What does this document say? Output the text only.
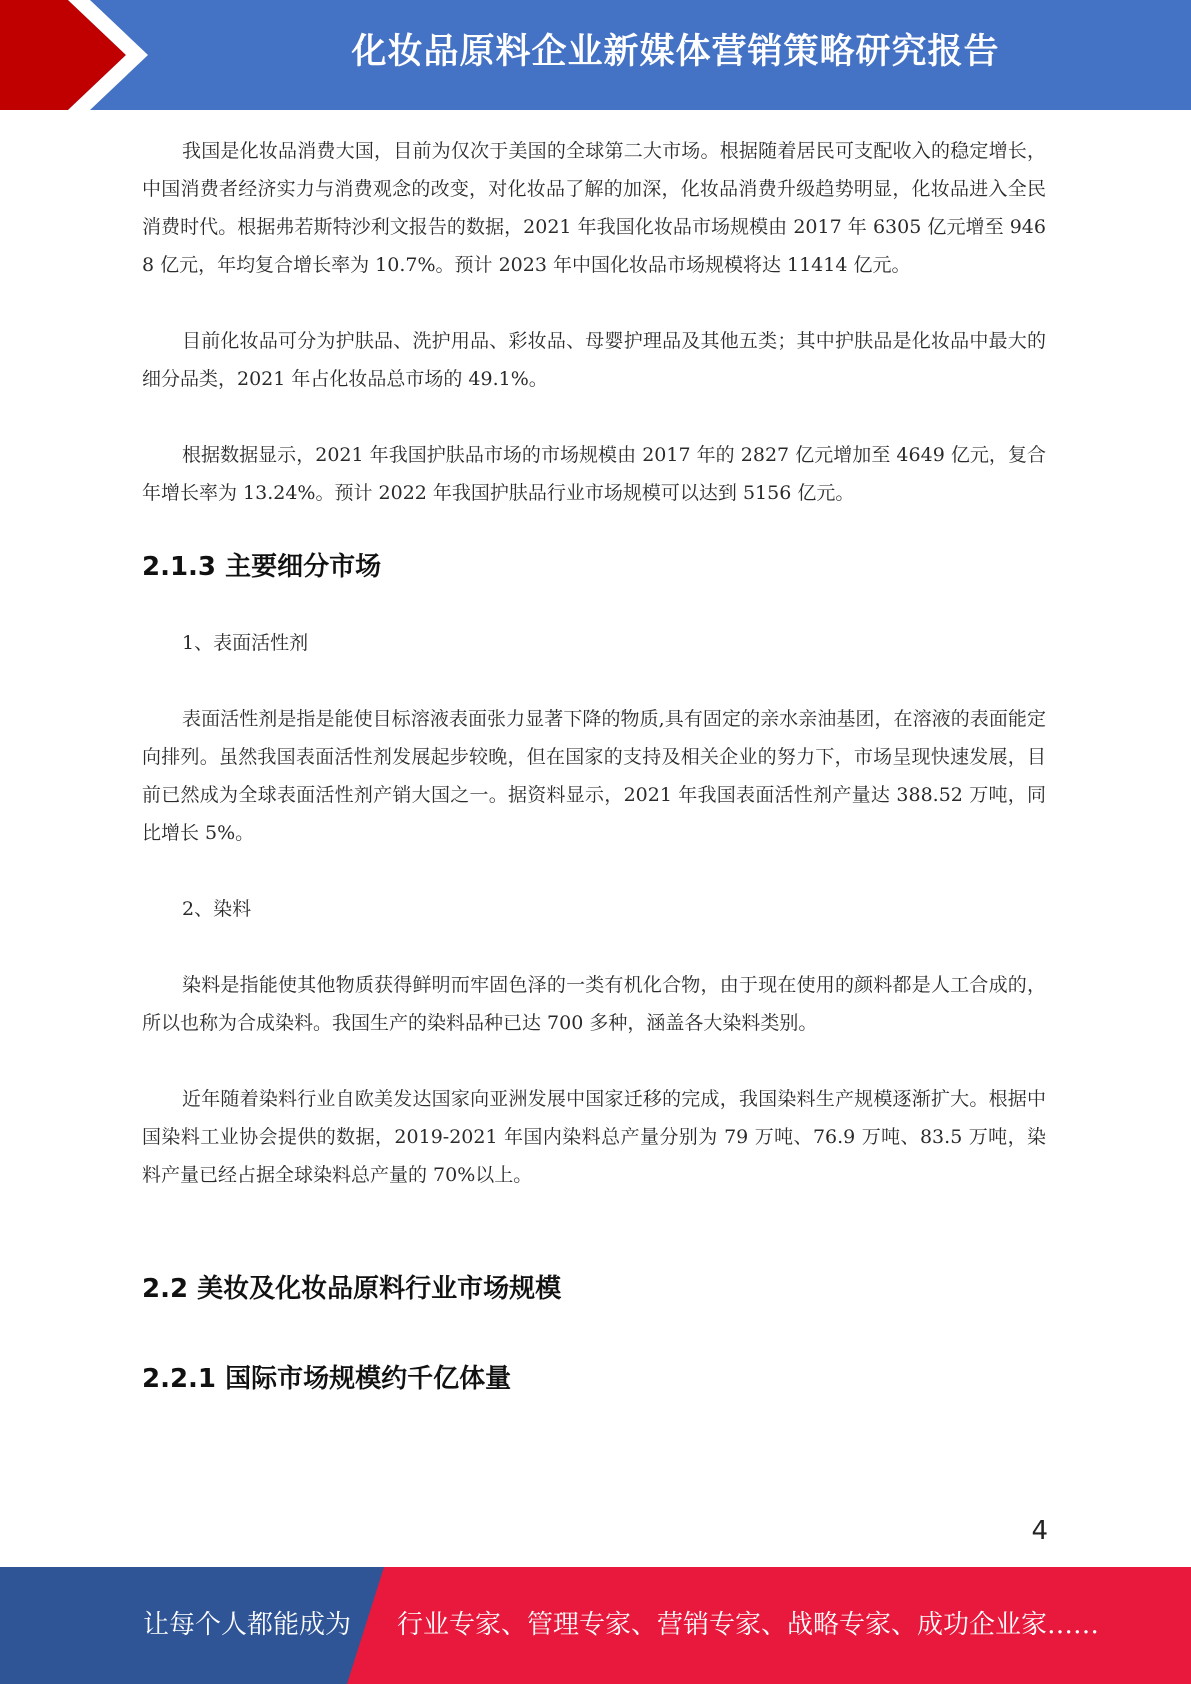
化妆品原料企业新媒体营销策略研究报告

我国是化妆品消费大国，目前为仅次于美国的全球第二大市场。根据随着居民可支配收入的稳定增长，中国消费者经济实力与消费观念的改变，对化妆品了解的加深，化妆品消费升级趋势明显，化妆品进入全民消费时代。根据弗若斯特沙利文报告的数据，2021 年我国化妆品市场规模由 2017 年 6305 亿元增至 9468 亿元，年均复合增长率为 10.7%。预计 2023 年中国化妆品市场规模将达 11414 亿元。

目前化妆品可分为护肤品、洗护用品、彩妆品、母婴护理品及其他五类；其中护肤品是化妆品中最大的细分品类，2021 年占化妆品总市场的 49.1%。

根据数据显示，2021 年我国护肤品市场的市场规模由 2017 年的 2827 亿元增加至 4649 亿元，复合年增长率为 13.24%。预计 2022 年我国护肤品行业市场规模可以达到 5156 亿元。

2.1.3 主要细分市场

1、表面活性剂

表面活性剂是指是能使目标溶液表面张力显著下降的物质,具有固定的亲水亲油基团，在溶液的表面能定向排列。虽然我国表面活性剂发展起步较晚，但在国家的支持及相关企业的努力下，市场呈现快速发展，目前已然成为全球表面活性剂产销大国之一。据资料显示，2021 年我国表面活性剂产量达 388.52 万吨，同比增长 5%。

2、染料

染料是指能使其他物质获得鲜明而牢固色泽的一类有机化合物，由于现在使用的颜料都是人工合成的，所以也称为合成染料。我国生产的染料品种已达 700 多种，涵盖各大染料类别。

近年随着染料行业自欧美发达国家向亚洲发展中国家迁移的完成，我国染料生产规模逐渐扩大。根据中国染料工业协会提供的数据，2019-2021 年国内染料总产量分别为 79 万吨、76.9 万吨、83.5 万吨，染料产量已经占据全球染料总产量的 70%以上。

2.2 美妆及化妆品原料行业市场规模
2.2.1 国际市场规模约千亿体量
4
让每个人都能成为 行业专家、管理专家、营销专家、战略专家、成功企业家……
